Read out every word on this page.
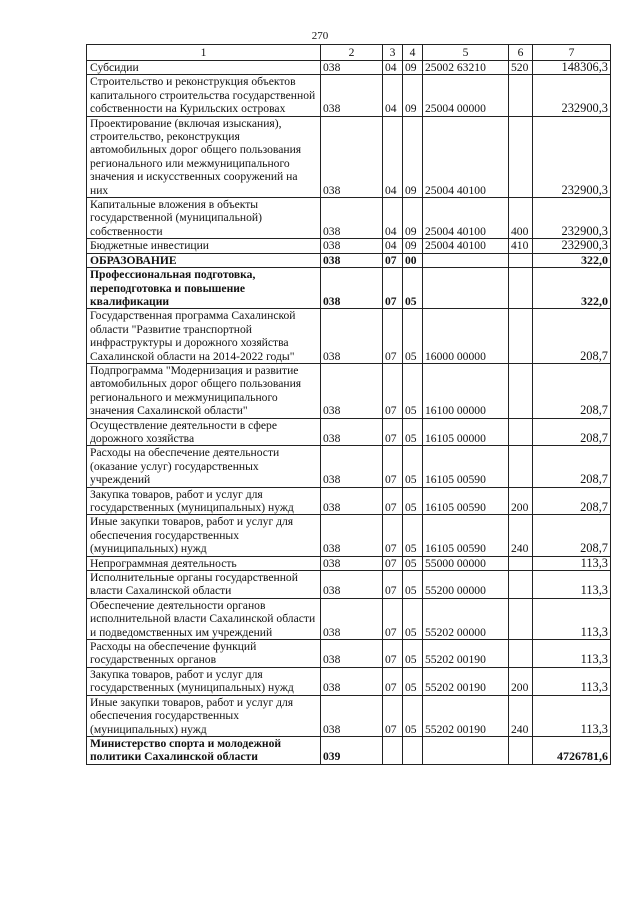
270
1	2	3	4	5	6	7
Субсидии	038	04	09	25002 63210	520	148306,3
Строительство и реконструкция объектов капитального строительства государственной собственности на Курильских островах	038	04	09	25004 00000		232900,3
Проектирование (включая изыскания), строительство, реконструкция автомобильных дорог общего пользования регионального или межмуниципального значения и искусственных сооружений на них	038	04	09	25004 40100		232900,3
Капитальные вложения в объекты государственной (муниципальной) собственности	038	04	09	25004 40100	400	232900,3
Бюджетные инвестиции	038	04	09	25004 40100	410	232900,3
ОБРАЗОВАНИЕ	038	07	00			322,0
Профессиональная подготовка, переподготовка и повышение квалификации	038	07	05			322,0
Государственная программа Сахалинской области "Развитие транспортной инфраструктуры и дорожного хозяйства Сахалинской области на 2014-2022 годы"	038	07	05	16000 00000		208,7
Подпрограмма "Модернизация и развитие автомобильных дорог общего пользования регионального и межмуниципального значения Сахалинской области"	038	07	05	16100 00000		208,7
Осуществление деятельности в сфере дорожного хозяйства	038	07	05	16105 00000		208,7
Расходы на обеспечение деятельности (оказание услуг) государственных учреждений	038	07	05	16105 00590		208,7
Закупка товаров, работ и услуг для государственных (муниципальных) нужд	038	07	05	16105 00590	200	208,7
Иные закупки товаров, работ и услуг для обеспечения государственных (муниципальных) нужд	038	07	05	16105 00590	240	208,7
Непрограммная деятельность	038	07	05	55000 00000		113,3
Исполнительные органы государственной власти Сахалинской области	038	07	05	55200 00000		113,3
Обеспечение деятельности органов исполнительной власти Сахалинской области и подведомственных им учреждений	038	07	05	55202 00000		113,3
Расходы на обеспечение функций государственных органов	038	07	05	55202 00190		113,3
Закупка товаров, работ и услуг для государственных (муниципальных) нужд	038	07	05	55202 00190	200	113,3
Иные закупки товаров, работ и услуг для обеспечения государственных (муниципальных) нужд	038	07	05	55202 00190	240	113,3
Министерство спорта и молодежной политики Сахалинской области	039					4726781,6
